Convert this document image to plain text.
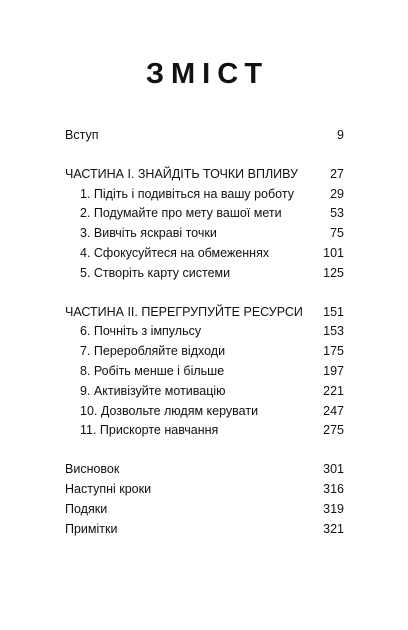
ЗМІСТ
Вступ	9
ЧАСТИНА І. ЗНАЙДІТЬ ТОЧКИ ВПЛИВУ	27
1. Підіть і подивіться на вашу роботу	29
2. Подумайте про мету вашої мети	53
3. Вивчіть яскраві точки	75
4. Сфокусуйтеся на обмеженнях	101
5. Створіть карту системи	125
ЧАСТИНА ІІ. ПЕРЕГРУПУЙТЕ РЕСУРСИ	151
6. Почніть з імпульсу	153
7. Переробляйте відходи	175
8. Робіть менше і більше	197
9. Активізуйте мотивацію	221
10. Дозвольте людям керувати	247
11. Прискорте навчання	275
Висновок	301
Наступні кроки	316
Подяки	319
Примітки	321
